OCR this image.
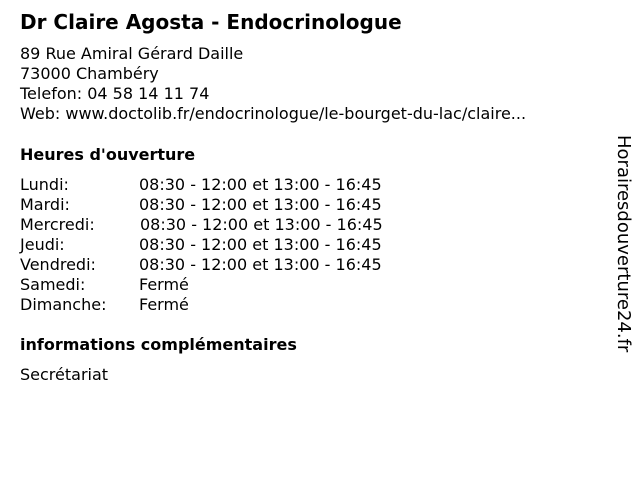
Dr Claire Agosta - Endocrinologue
89 Rue Amiral Gérard Daille
73000 Chambéry
Telefon: 04 58 14 11 74
Web: www.doctolib.fr/endocrinologue/le-bourget-du-lac/claire...
Heures d'ouverture
Lundi:	08:30 - 12:00 et 13:00 - 16:45
Mardi:	08:30 - 12:00 et 13:00 - 16:45
Mercredi:	08:30 - 12:00 et 13:00 - 16:45
Jeudi:	08:30 - 12:00 et 13:00 - 16:45
Vendredi:	08:30 - 12:00 et 13:00 - 16:45
Samedi:	Fermé
Dimanche: Fermé
informations complémentaires
Secrétariat
Horairesdouverture24.fr
